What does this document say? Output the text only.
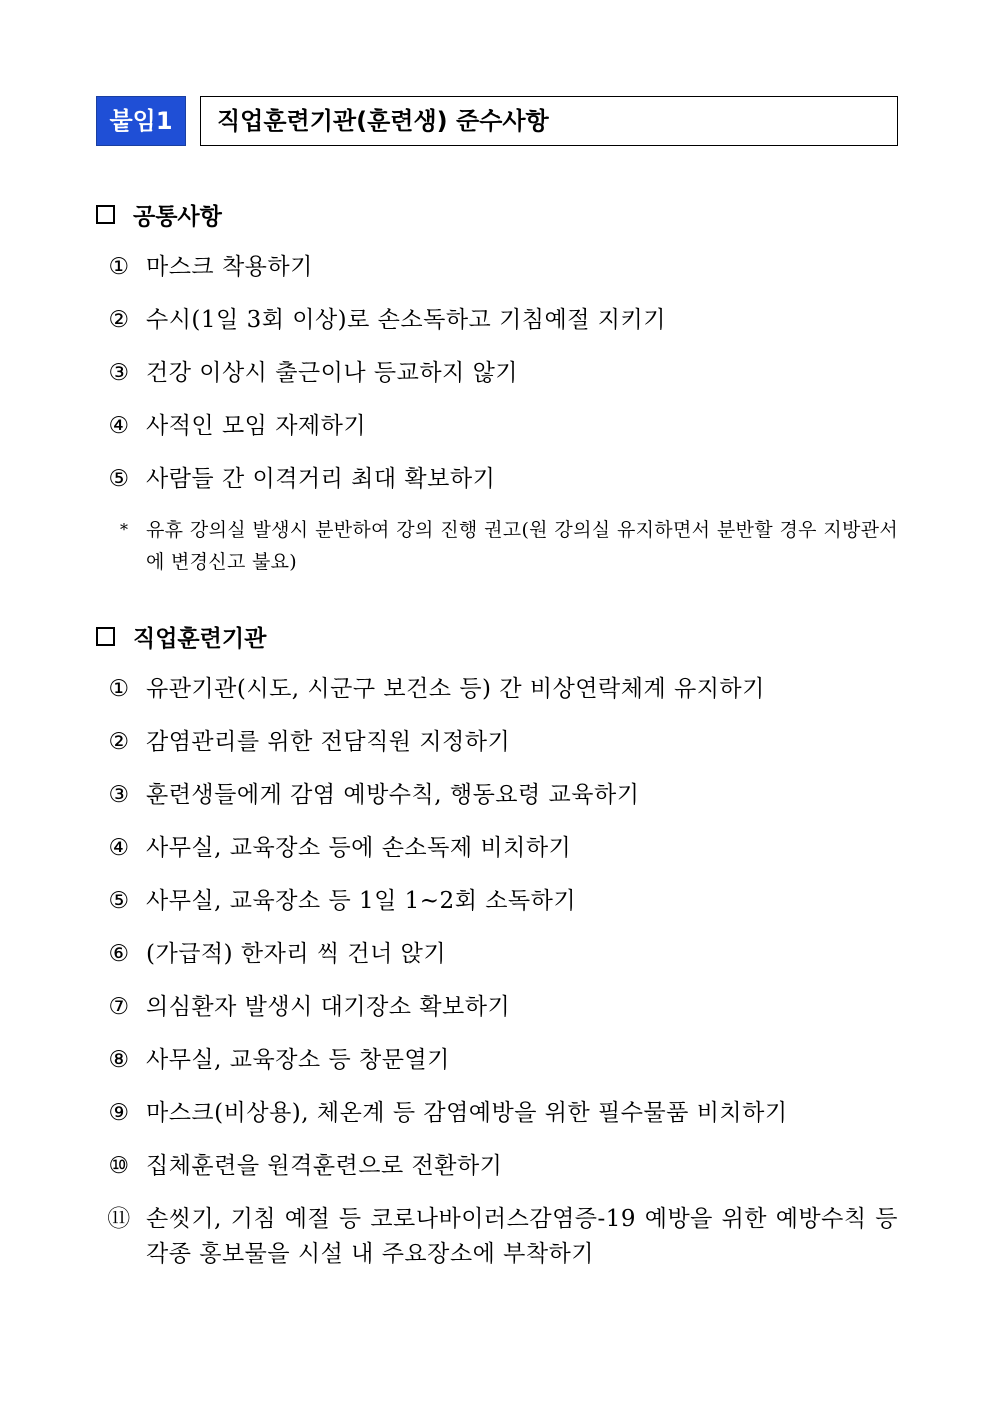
붙임1	직업훈련기관(훈련생) 준수사항
공통사항
① 마스크 착용하기
② 수시(1일 3회 이상)로 손소독하고 기침예절 지키기
③ 건강 이상시 출근이나 등교하지 않기
④ 사적인 모임 자제하기
⑤ 사람들 간 이격거리 최대 확보하기
* 유휴 강의실 발생시 분반하여 강의 진행 권고(원 강의실 유지하면서 분반할 경우 지방관서에 변경신고 불요)
직업훈련기관
① 유관기관(시도, 시군구 보건소 등) 간 비상연락체계 유지하기
② 감염관리를 위한 전담직원 지정하기
③ 훈련생들에게 감염 예방수칙, 행동요령 교육하기
④ 사무실, 교육장소 등에 손소독제 비치하기
⑤ 사무실, 교육장소 등 1일 1~2회 소독하기
⑥ (가급적) 한자리 씩 건너 앉기
⑦ 의심환자 발생시 대기장소 확보하기
⑧ 사무실, 교육장소 등 창문열기
⑨ 마스크(비상용), 체온계 등 감염예방을 위한 필수물품 비치하기
⑩ 집체훈련을 원격훈련으로 전환하기
⑪ 손씻기, 기침 예절 등 코로나바이러스감염증-19 예방을 위한 예방수칙 등 각종 홍보물을 시설 내 주요장소에 부착하기
